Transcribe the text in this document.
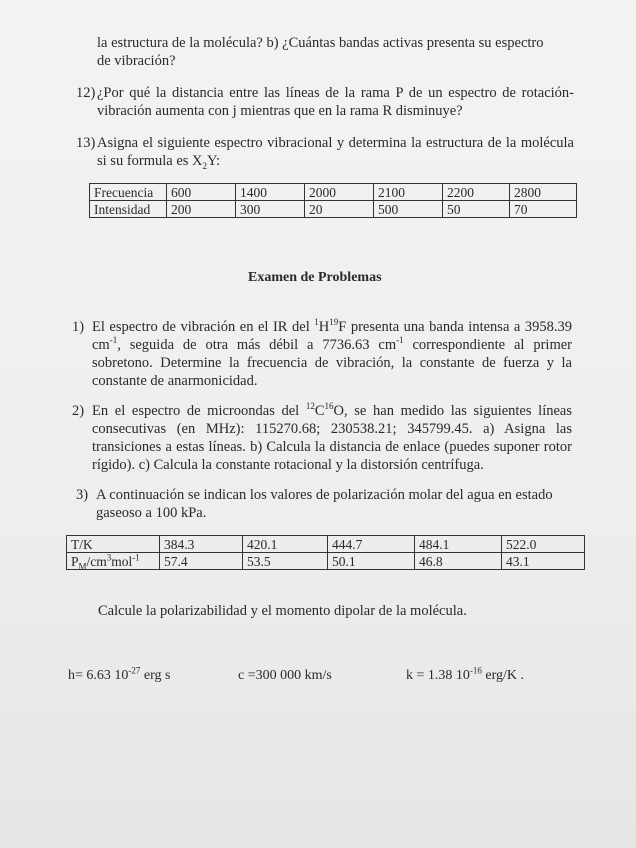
la estructura de la molécula? b) ¿Cuántas bandas activas presenta su espectro
de vibración?
12) ¿Por qué la distancia entre las líneas de la rama P de un espectro de rotación-vibración aumenta con j mientras que en la rama R disminuye?
13) Asigna el siguiente espectro vibracional y determina la estructura de la molécula si su formula es $X_2Y$:
Frecuencia	600	1400	2000	2100	2200	2800
Intensidad	200	300	20	500	50	70
Examen de Problemas
1) El espectro de vibración en el IR del $^1H^{19}F$ presenta una banda intensa a 3958.39 $cm^{-1}$, seguida de otra más débil a 7736.63 $cm^{-1}$ correspondiente al primer sobretono. Determine la frecuencia de vibración, la constante de fuerza y la constante de anarmonicidad.
2) En el espectro de microondas del $^{12}C^{16}O$, se han medido las siguientes líneas consecutivas (en MHz): 115270.68; 230538.21; 345799.45. a) Asigna las transiciones a estas líneas. b) Calcula la distancia de enlace (puedes suponer rotor rígido). c) Calcula la constante rotacional y la distorsión centrífuga.
3) A continuación se indican los valores de polarización molar del agua en estado gaseoso a 100 kPa.
T/K	384.3	420.1	444.7	484.1	522.0
$P_M/cm^3mol^{-1}$	57.4	53.5	50.1	46.8	43.1
Calcule la polarizabilidad y el momento dipolar de la molécula.
h= 6.63 $10^{-27}$ erg s	c =300 000 km/s	k = 1.38 $10^{-16}$ erg/K .
